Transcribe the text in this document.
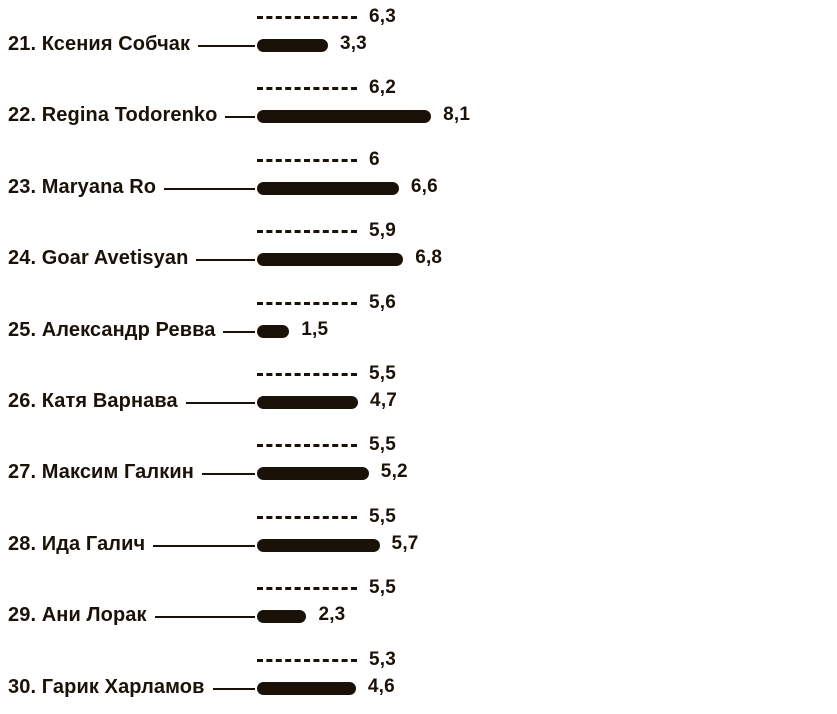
6,3
21. Ксения Собчак	3,3
6,2
22. Regina Todorenko	8,1
6
23. Maryana Ro	6,6
5,9
24. Goar Avetisyan	6,8
5,6
25. Александр Ревва	1,5
5,5
26. Катя Варнава	4,7
5,5
27. Максим Галкин	5,2
5,5
28. Ида Галич	5,7
5,5
29. Ани Лорак	2,3
5,3
30. Гарик Харламов	4,6
